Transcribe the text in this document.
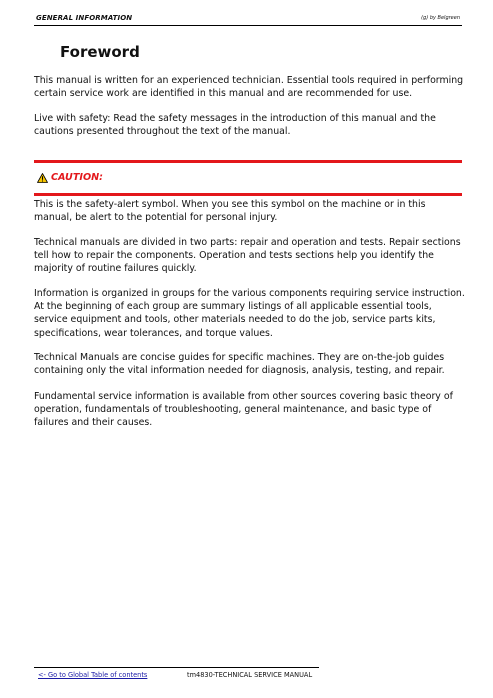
GENERAL INFORMATION	(g) by Belgreen
Foreword

This manual is written for an experienced technician. Essential tools required in performing certain service work are identified in this manual and are recommended for use.

Live with safety: Read the safety messages in the introduction of this manual and the cautions presented throughout the text of the manual.

CAUTION:

This is the safety-alert symbol. When you see this symbol on the machine or in this manual, be alert to the potential for personal injury.

Technical manuals are divided in two parts: repair and operation and tests. Repair sections tell how to repair the components. Operation and tests sections help you identify the majority of routine failures quickly.

Information is organized in groups for the various components requiring service instruction. At the beginning of each group are summary listings of all applicable essential tools, service equipment and tools, other materials needed to do the job, service parts kits, specifications, wear tolerances, and torque values.

Technical Manuals are concise guides for specific machines. They are on-the-job guides containing only the vital information needed for diagnosis, analysis, testing, and repair.

Fundamental service information is available from other sources covering basic theory of operation, fundamentals of troubleshooting, general maintenance, and basic type of failures and their causes.

<- Go to Global Table of contents	tm4830-TECHNICAL SERVICE MANUAL
